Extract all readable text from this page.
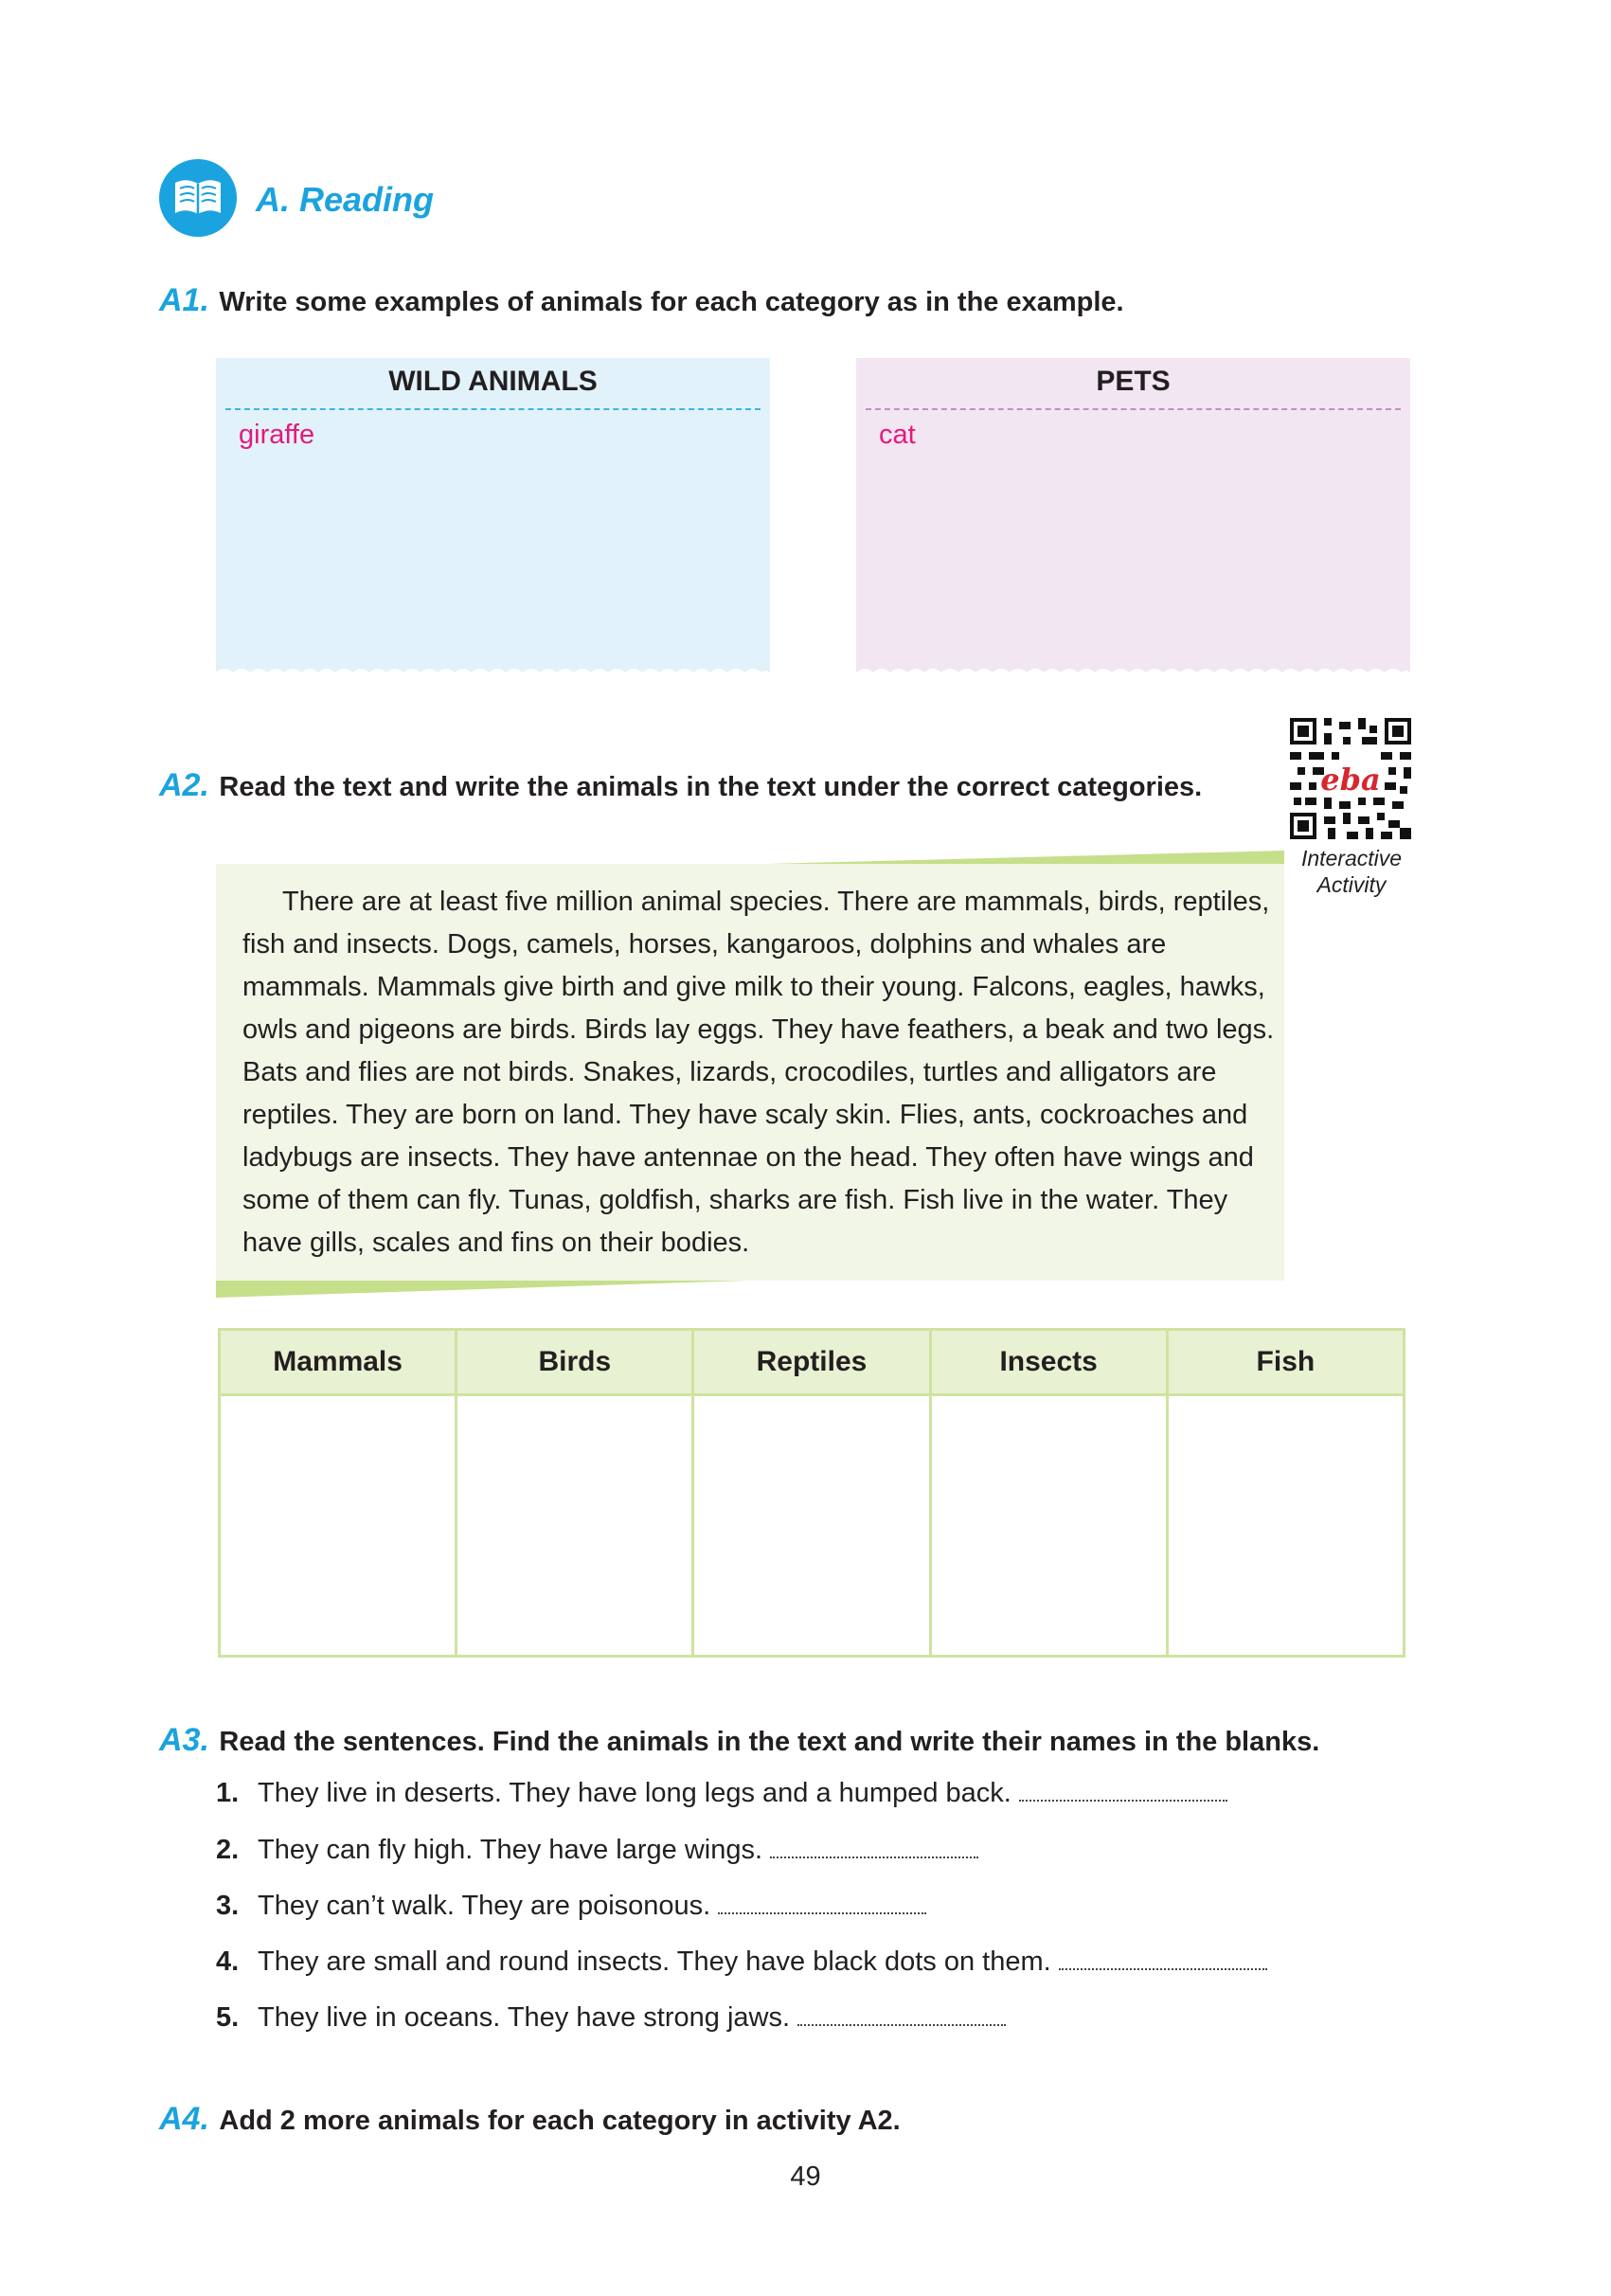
A. Reading
A1. Write some examples of animals for each category as in the example.
WILD ANIMALS
giraffe
PETS
cat
A2. Read the text and write the animals in the text under the correct categories.	eba
Interactive
Activity
There are at least five million animal species. There are mammals, birds, reptiles, fish and insects. Dogs, camels, horses, kangaroos, dolphins and whales are mammals. Mammals give birth and give milk to their young. Falcons, eagles, hawks, owls and pigeons are birds. Birds lay eggs. They have feathers, a beak and two legs. Bats and flies are not birds. Snakes, lizards, crocodiles, turtles and alligators are reptiles. They are born on land. They have scaly skin. Flies, ants, cockroaches and ladybugs are insects. They have antennae on the head. They often have wings and some of them can fly. Tunas, goldfish, sharks are fish. Fish live in the water. They have gills, scales and fins on their bodies.
Mammals	Birds	Reptiles	Insects	Fish

A3. Read the sentences. Find the animals in the text and write their names in the blanks.
1. They live in deserts. They have long legs and a humped back.
2. They can fly high. They have large wings.
3. They can’t walk. They are poisonous.
4. They are small and round insects. They have black dots on them.
5. They live in oceans. They have strong jaws.
A4. Add 2 more animals for each category in activity A2.
49
